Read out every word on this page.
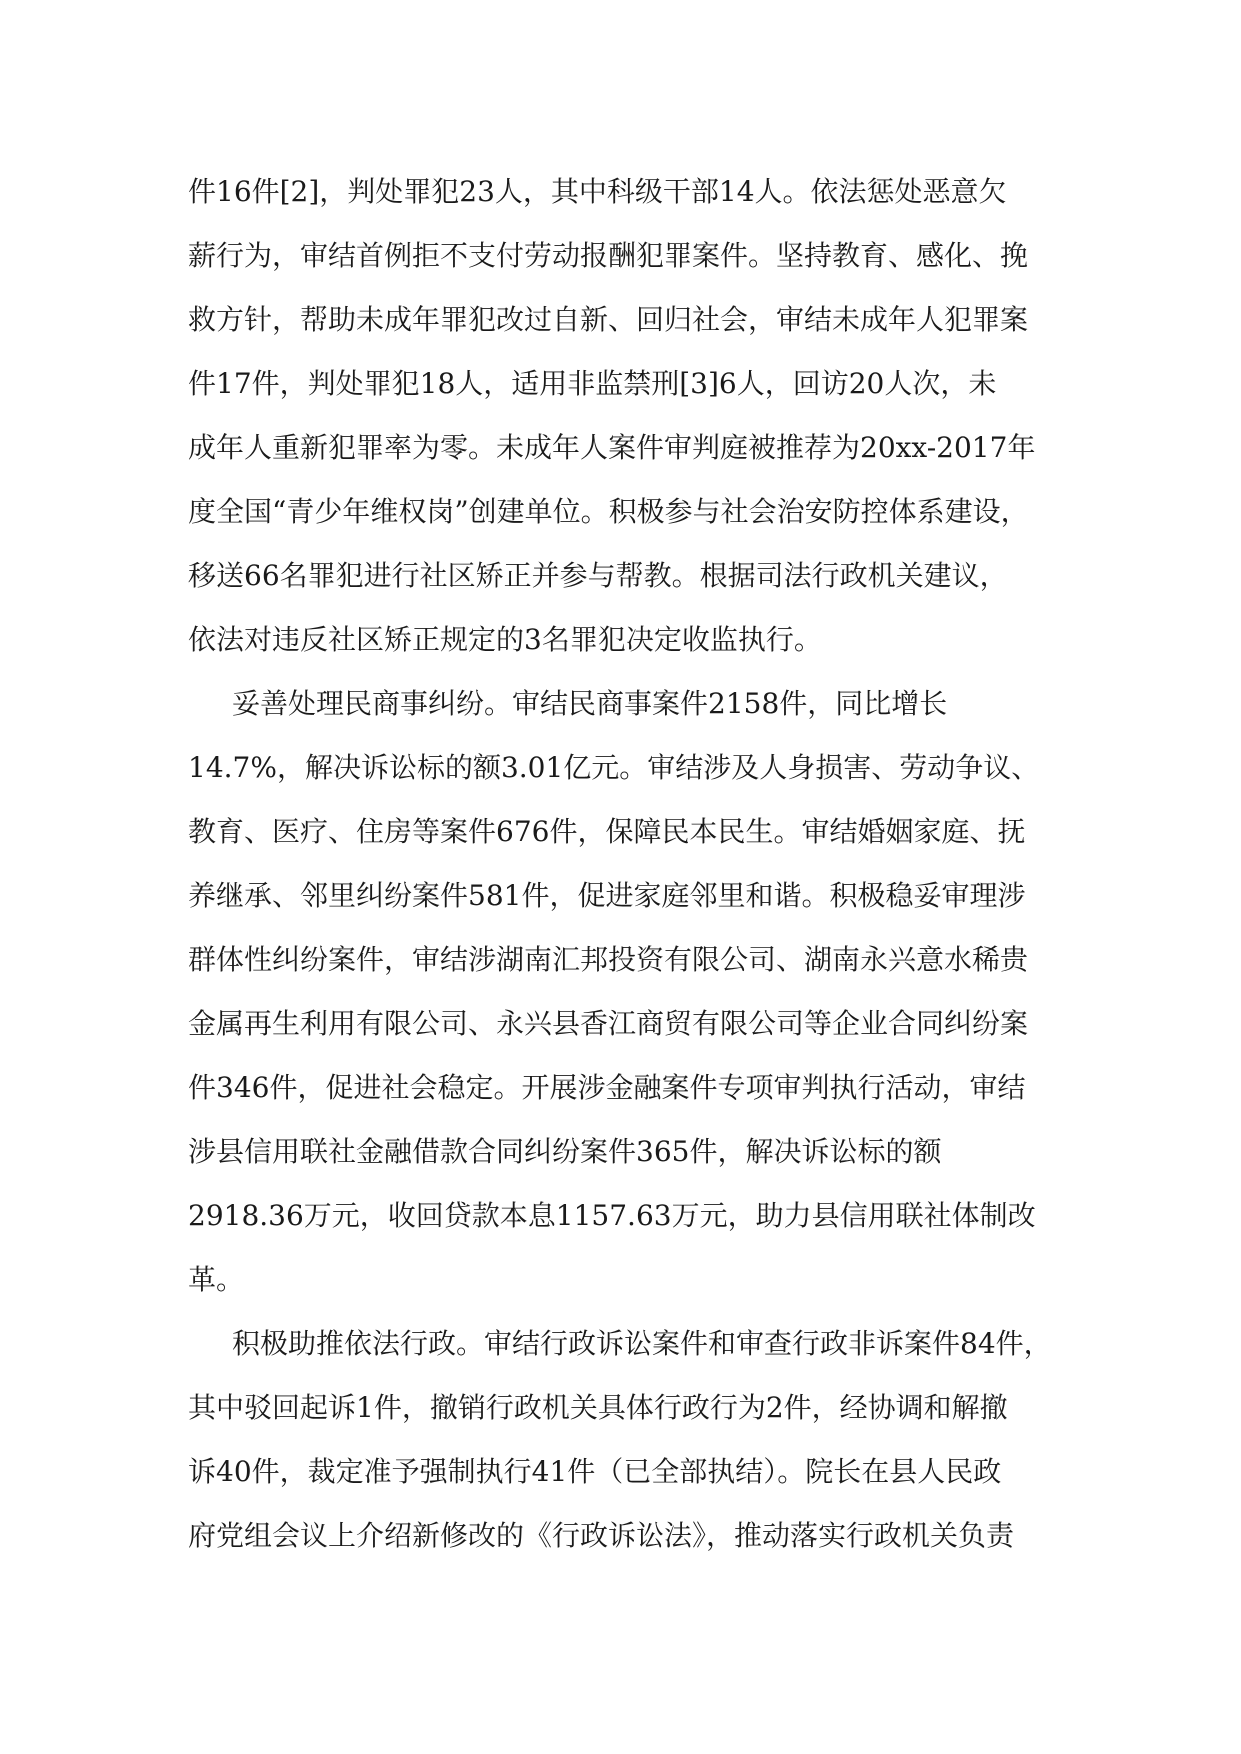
件16件[2]，判处罪犯23人，其中科级干部14人。依法惩处恶意欠
薪行为，审结首例拒不支付劳动报酬犯罪案件。坚持教育、感化、挽
救方针，帮助未成年罪犯改过自新、回归社会，审结未成年人犯罪案
件17件，判处罪犯18人，适用非监禁刑[3]6人，回访20人次，未
成年人重新犯罪率为零。未成年人案件审判庭被推荐为20xx-2017年
度全国“青少年维权岗”创建单位。积极参与社会治安防控体系建设，
移送66名罪犯进行社区矫正并参与帮教。根据司法行政机关建议，
依法对违反社区矫正规定的3名罪犯决定收监执行。
妥善处理民商事纠纷。审结民商事案件2158件，同比增长
14.7%，解决诉讼标的额3.01亿元。审结涉及人身损害、劳动争议、
教育、医疗、住房等案件676件，保障民本民生。审结婚姻家庭、抚
养继承、邻里纠纷案件581件，促进家庭邻里和谐。积极稳妥审理涉
群体性纠纷案件，审结涉湖南汇邦投资有限公司、湖南永兴意水稀贵
金属再生利用有限公司、永兴县香江商贸有限公司等企业合同纠纷案
件346件，促进社会稳定。开展涉金融案件专项审判执行活动，审结
涉县信用联社金融借款合同纠纷案件365件，解决诉讼标的额
2918.36万元，收回贷款本息1157.63万元，助力县信用联社体制改
革。
积极助推依法行政。审结行政诉讼案件和审查行政非诉案件84件，
其中驳回起诉1件，撤销行政机关具体行政行为2件，经协调和解撤
诉40件，裁定准予强制执行41件（已全部执结）。院长在县人民政
府党组会议上介绍新修改的《行政诉讼法》，推动落实行政机关负责
